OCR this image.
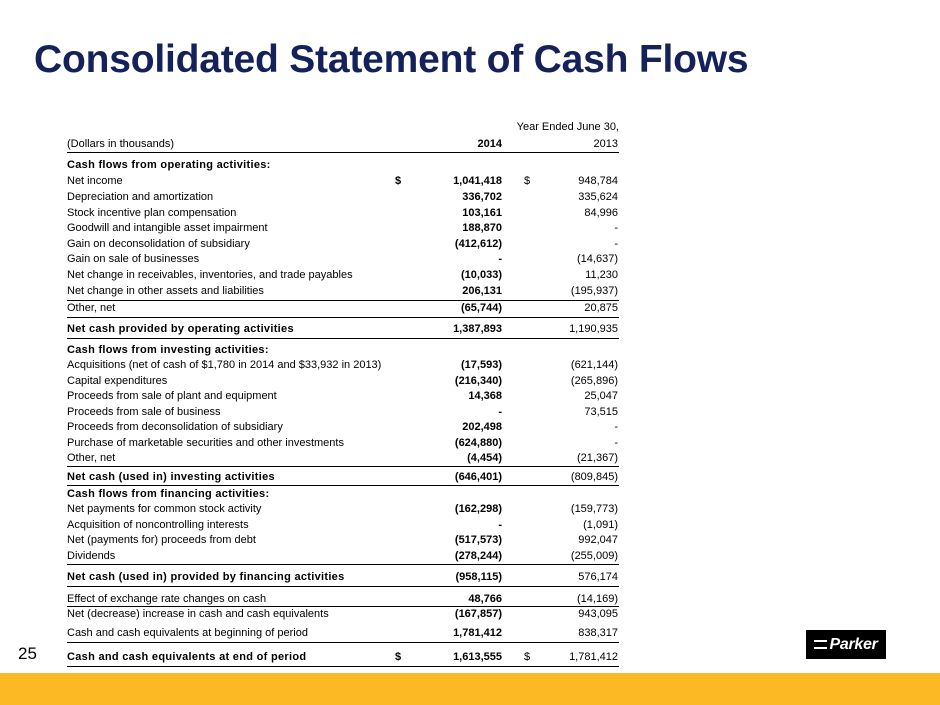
Consolidated Statement of Cash Flows
Year Ended June 30,
(Dollars in thousands)	2014	2013
Cash flows from operating activities:
Net income	$	1,041,418 $	948,784
Depreciation and amortization	336,702	335,624
Stock incentive plan compensation	103,161	84,996
Goodwill and intangible asset impairment	188,870	-
Gain on deconsolidation of subsidiary	(412,612)	-
Gain on sale of businesses	-	(14,637)
Net change in receivables, inventories, and trade payables	(10,033)	11,230
Net change in other assets and liabilities	206,131	(195,937)
Other, net	(65,744)	20,875
Net cash provided by operating activities	1,387,893	1,190,935
Cash flows from investing activities:
Acquisitions (net of cash of $1,780 in 2014 and $33,932 in 2013)	(17,593)	(621,144)
Capital expenditures	(216,340)	(265,896)
Proceeds from sale of plant and equipment	14,368	25,047
Proceeds from sale of business	-	73,515
Proceeds from deconsolidation of subsidiary	202,498	-
Purchase of marketable securities and other investments	(624,880)	-
Other, net	(4,454)	(21,367)
Net cash (used in) investing activities	(646,401)	(809,845)
Cash flows from financing activities:
Net payments for common stock activity	(162,298)	(159,773)
Acquisition of noncontrolling interests	-	(1,091)
Net (payments for) proceeds from debt	(517,573)	992,047
Dividends	(278,244)	(255,009)
Net cash (used in) provided by financing activities	(958,115)	576,174
Effect of exchange rate changes on cash	48,766	(14,169)
Net (decrease) increase in cash and cash equivalents	(167,857)	943,095
Cash and cash equivalents at beginning of period	1,781,412	838,317
Cash and cash equivalents at end of period	$	1,613,555 $	1,781,412
25	Parker
